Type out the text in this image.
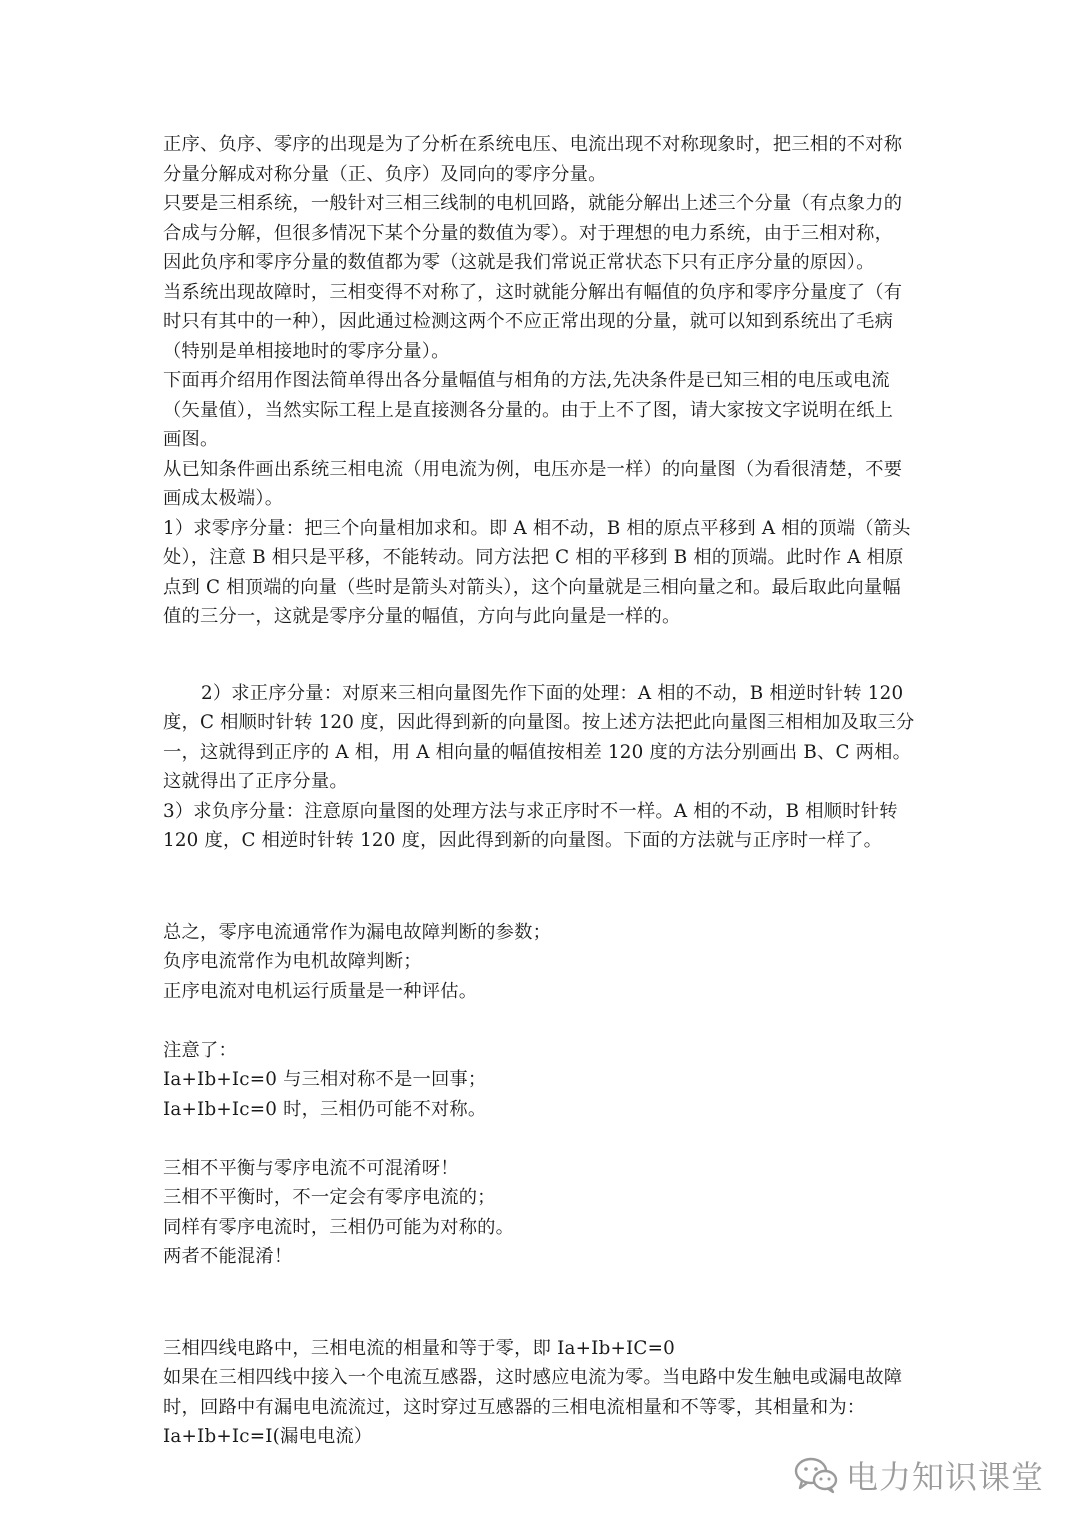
正序、负序、零序的出现是为了分析在系统电压、电流出现不对称现象时，把三相的不对称
分量分解成对称分量（正、负序）及同向的零序分量。
只要是三相系统，一般针对三相三线制的电机回路，就能分解出上述三个分量（有点象力的
合成与分解，但很多情况下某个分量的数值为零）。对于理想的电力系统，由于三相对称，
因此负序和零序分量的数值都为零（这就是我们常说正常状态下只有正序分量的原因）。
当系统出现故障时，三相变得不对称了，这时就能分解出有幅值的负序和零序分量度了（有
时只有其中的一种），因此通过检测这两个不应正常出现的分量，就可以知到系统出了毛病
（特别是单相接地时的零序分量）。
下面再介绍用作图法简单得出各分量幅值与相角的方法,先决条件是已知三相的电压或电流
（矢量值），当然实际工程上是直接测各分量的。由于上不了图，请大家按文字说明在纸上
画图。
从已知条件画出系统三相电流（用电流为例，电压亦是一样）的向量图（为看很清楚，不要
画成太极端）。
1）求零序分量：把三个向量相加求和。即 A 相不动，B 相的原点平移到 A 相的顶端（箭头
处），注意 B 相只是平移，不能转动。同方法把 C 相的平移到 B 相的顶端。此时作 A 相原
点到 C 相顶端的向量（些时是箭头对箭头），这个向量就是三相向量之和。最后取此向量幅
值的三分一，这就是零序分量的幅值，方向与此向量是一样的。
2）求正序分量：对原来三相向量图先作下面的处理：A 相的不动，B 相逆时针转 120
度，C 相顺时针转 120 度，因此得到新的向量图。按上述方法把此向量图三相相加及取三分
一，这就得到正序的 A 相，用 A 相向量的幅值按相差 120 度的方法分别画出 B、C 两相。
这就得出了正序分量。
3）求负序分量：注意原向量图的处理方法与求正序时不一样。A 相的不动，B 相顺时针转
120 度，C 相逆时针转 120 度，因此得到新的向量图。下面的方法就与正序时一样了。
总之，零序电流通常作为漏电故障判断的参数；
负序电流常作为电机故障判断；
正序电流对电机运行质量是一种评估。
注意了：
Ia+Ib+Ic=0 与三相对称不是一回事；
Ia+Ib+Ic=0 时，三相仍可能不对称。
三相不平衡与零序电流不可混淆呀！
三相不平衡时，不一定会有零序电流的；
同样有零序电流时，三相仍可能为对称的。
两者不能混淆！
三相四线电路中，三相电流的相量和等于零，即 Ia+Ib+IC=0
如果在三相四线中接入一个电流互感器，这时感应电流为零。当电路中发生触电或漏电故障
时，回路中有漏电电流流过，这时穿过互感器的三相电流相量和不等零，其相量和为：
Ia+Ib+Ic=I(漏电电流）
电力知识课堂
